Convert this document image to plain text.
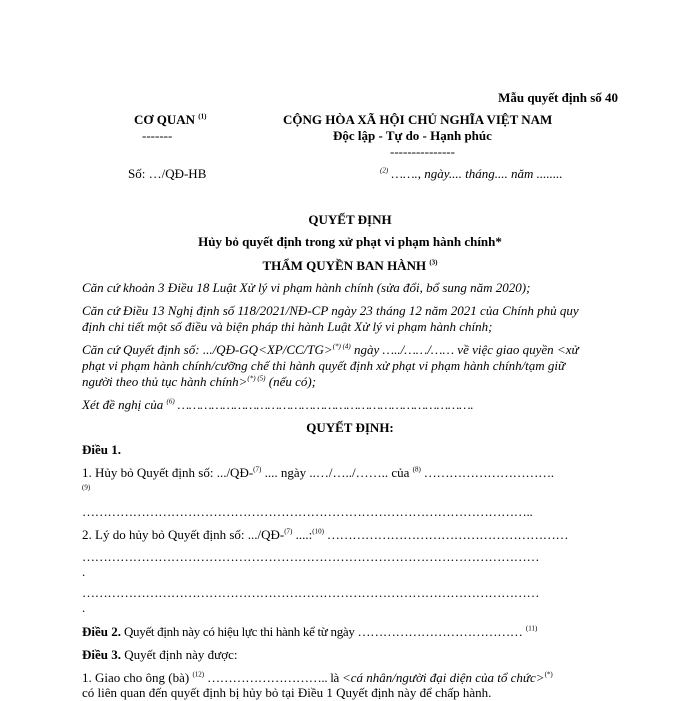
Mẫu quyết định số 40
CƠ QUAN $^{(1)}$
-------
CỘNG HÒA XÃ HỘI CHỦ NGHĨA VIỆT NAM
Độc lập - Tự do - Hạnh phúc
---------------
Số: …/QĐ-HB	$^{(2)}$ ……., ngày.... tháng.... năm ........
QUYẾT ĐỊNH
Hủy bỏ quyết định trong xử phạt vi phạm hành chính*
THẨM QUYỀN BAN HÀNH $^{(3)}$
Căn cứ khoản 3 Điều 18 Luật Xử lý vi phạm hành chính (sửa đổi, bổ sung năm 2020);
Căn cứ Điều 13 Nghị định số 118/2021/NĐ-CP ngày 23 tháng 12 năm 2021 của Chính phủ quy
định chi tiết một số điều và biện pháp thi hành Luật Xử lý vi phạm hành chính;
Căn cứ Quyết định số: .../QĐ-GQ<XP/CC/TG>$^{(*) (4)}$ ngày …../……/…… về việc giao quyền <xử
phạt vi phạm hành chính/cưỡng chế thi hành quyết định xử phạt vi phạm hành chính/tạm giữ
người theo thủ tục hành chính>$^{(*) (5)}$ (nếu có);
Xét đề nghị của $^{(6)}$ …………………………………………………………………….
QUYẾT ĐỊNH:
Điều 1.
1. Hủy bỏ Quyết định số: .../QĐ-$^{(7)}$ .... ngày ..…/…../…….. của $^{(8)}$ ………………………….
$^{(9)}$
……………………………………………………………………………………………..
2. Lý do hủy bỏ Quyết định số: .../QĐ-$^{(7)}$ ....:$^{(10)}$ …………………………………………………
………………………………………………………………………………………………
.
………………………………………………………………………………………………
.
Điều 2. Quyết định này có hiệu lực thi hành kể từ ngày ………………………………… $^{(11)}$
Điều 3. Quyết định này được:
1. Giao cho ông (bà) $^{(12)}$ ……………………….. là <cá nhân/người đại diện của tổ chức>(*)
có liên quan đến quyết định bị hủy bỏ tại Điều 1 Quyết định này để chấp hành.
